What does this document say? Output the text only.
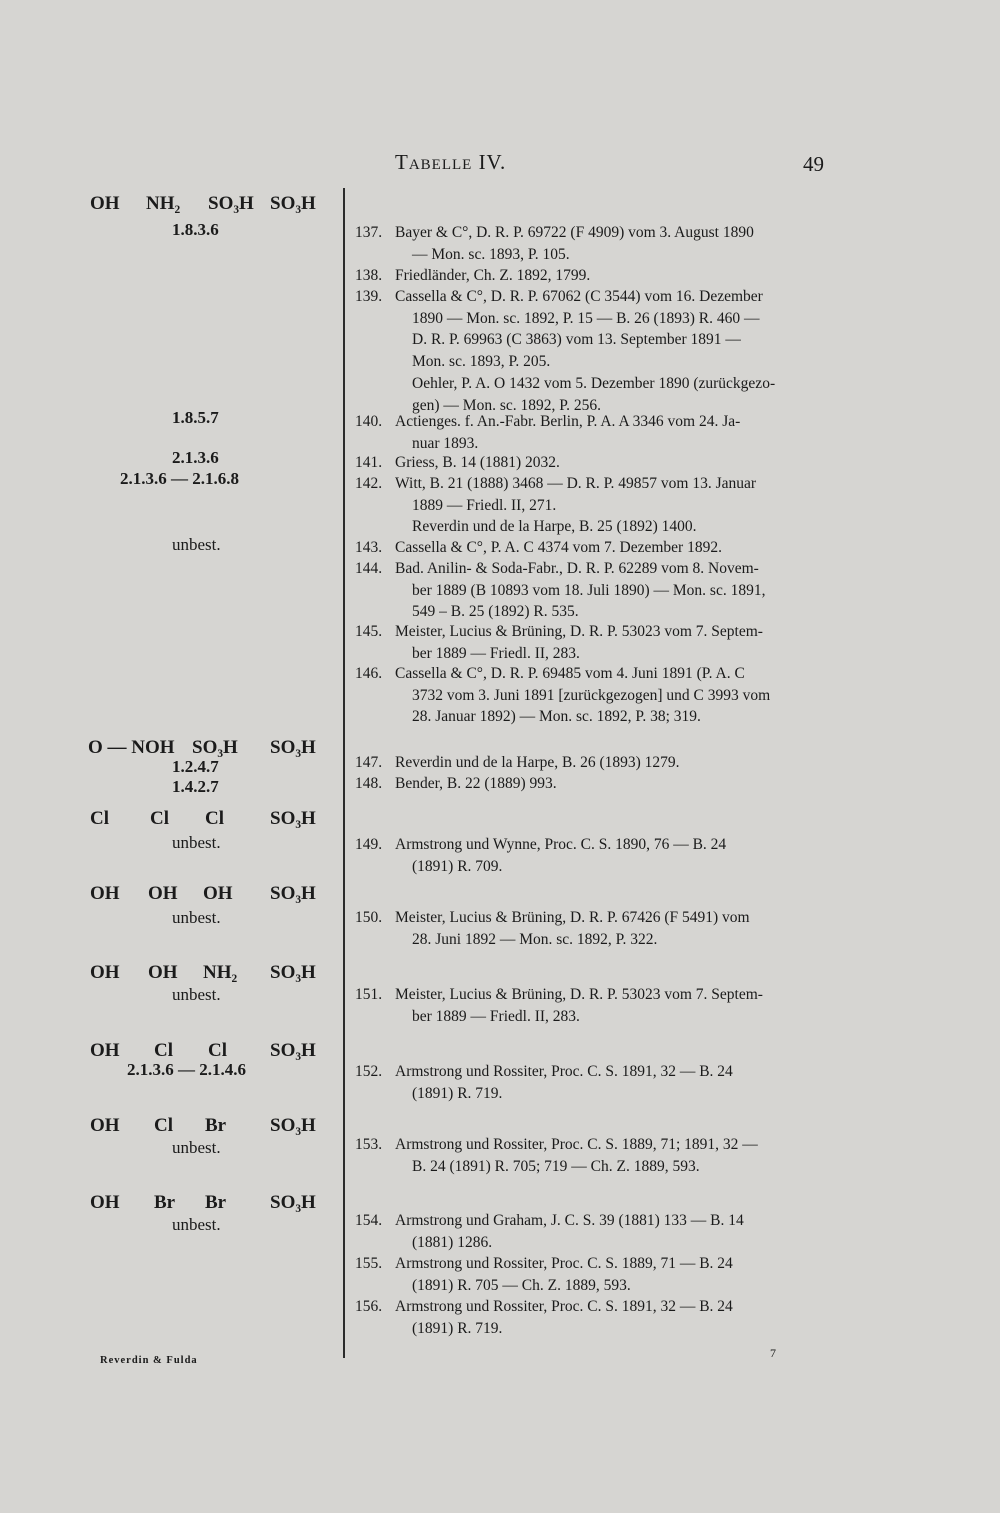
Tabelle IV.	49
OH NH₂ SO₃H SO₃H
1.8.3.6
1.8.5.7
2.1.3.6
2.1.3.6 — 2.1.6.8
unbest.
O — NOH SO₃H SO₃H
1.2.4.7
1.4.2.7
Cl Cl Cl SO₃H
unbest.
OH OH OH SO₃H
unbest.
OH OH NH₂ SO₃H
unbest.
OH Cl Cl SO₃H
2.1.3.6 — 2.1.4.6
OH Cl Br SO₃H
unbest.
OH Br Br SO₃H
unbest.
137. Bayer & C°, D. R. P. 69722 (F 4909) vom 3. August 1890
— Mon. sc. 1893, P. 105.
138. Friedländer, Ch. Z. 1892, 1799.
139. Cassella & C°, D. R. P. 67062 (C 3544) vom 16. Dezember
1890 — Mon. sc. 1892, P. 15 — B. 26 (1893) R. 460 —
D. R. P. 69963 (C 3863) vom 13. September 1891 —
Mon. sc. 1893, P. 205.
Oehler, P. A. O 1432 vom 5. Dezember 1890 (zurückgezo-
gen) — Mon. sc. 1892, P. 256.
140. Actienges. f. An.-Fabr. Berlin, P. A. A 3346 vom 24. Ja-
nuar 1893.
141. Griess, B. 14 (1881) 2032.
142. Witt, B. 21 (1888) 3468 — D. R. P. 49857 vom 13. Januar
1889 — Friedl. II, 271.
Reverdin und de la Harpe, B. 25 (1892) 1400.
143. Cassella & C°, P. A. C 4374 vom 7. Dezember 1892.
144. Bad. Anilin- & Soda-Fabr., D. R. P. 62289 vom 8. Novem-
ber 1889 (B 10893 vom 18. Juli 1890) — Mon. sc. 1891,
549 – B. 25 (1892) R. 535.
145. Meister, Lucius & Brüning, D. R. P. 53023 vom 7. Septem-
ber 1889 — Friedl. II, 283.
146. Cassella & C°, D. R. P. 69485 vom 4. Juni 1891 (P. A. C
3732 vom 3. Juni 1891 [zurückgezogen] und C 3993 vom
28. Januar 1892) — Mon. sc. 1892, P. 38; 319.
147. Reverdin und de la Harpe, B. 26 (1893) 1279.
148. Bender, B. 22 (1889) 993.
149. Armstrong und Wynne, Proc. C. S. 1890, 76 — B. 24
(1891) R. 709.
150. Meister, Lucius & Brüning, D. R. P. 67426 (F 5491) vom
28. Juni 1892 — Mon. sc. 1892, P. 322.
151. Meister, Lucius & Brüning, D. R. P. 53023 vom 7. Septem-
ber 1889 — Friedl. II, 283.
152. Armstrong und Rossiter, Proc. C. S. 1891, 32 — B. 24
(1891) R. 719.
153. Armstrong und Rossiter, Proc. C. S. 1889, 71; 1891, 32 —
B. 24 (1891) R. 705; 719 — Ch. Z. 1889, 593.
154. Armstrong und Graham, J. C. S. 39 (1881) 133 — B. 14
(1881) 1286.
155. Armstrong und Rossiter, Proc. C. S. 1889, 71 — B. 24
(1891) R. 705 — Ch. Z. 1889, 593.
156. Armstrong und Rossiter, Proc. C. S. 1891, 32 — B. 24
(1891) R. 719.
Reverdin & Fulda
7
